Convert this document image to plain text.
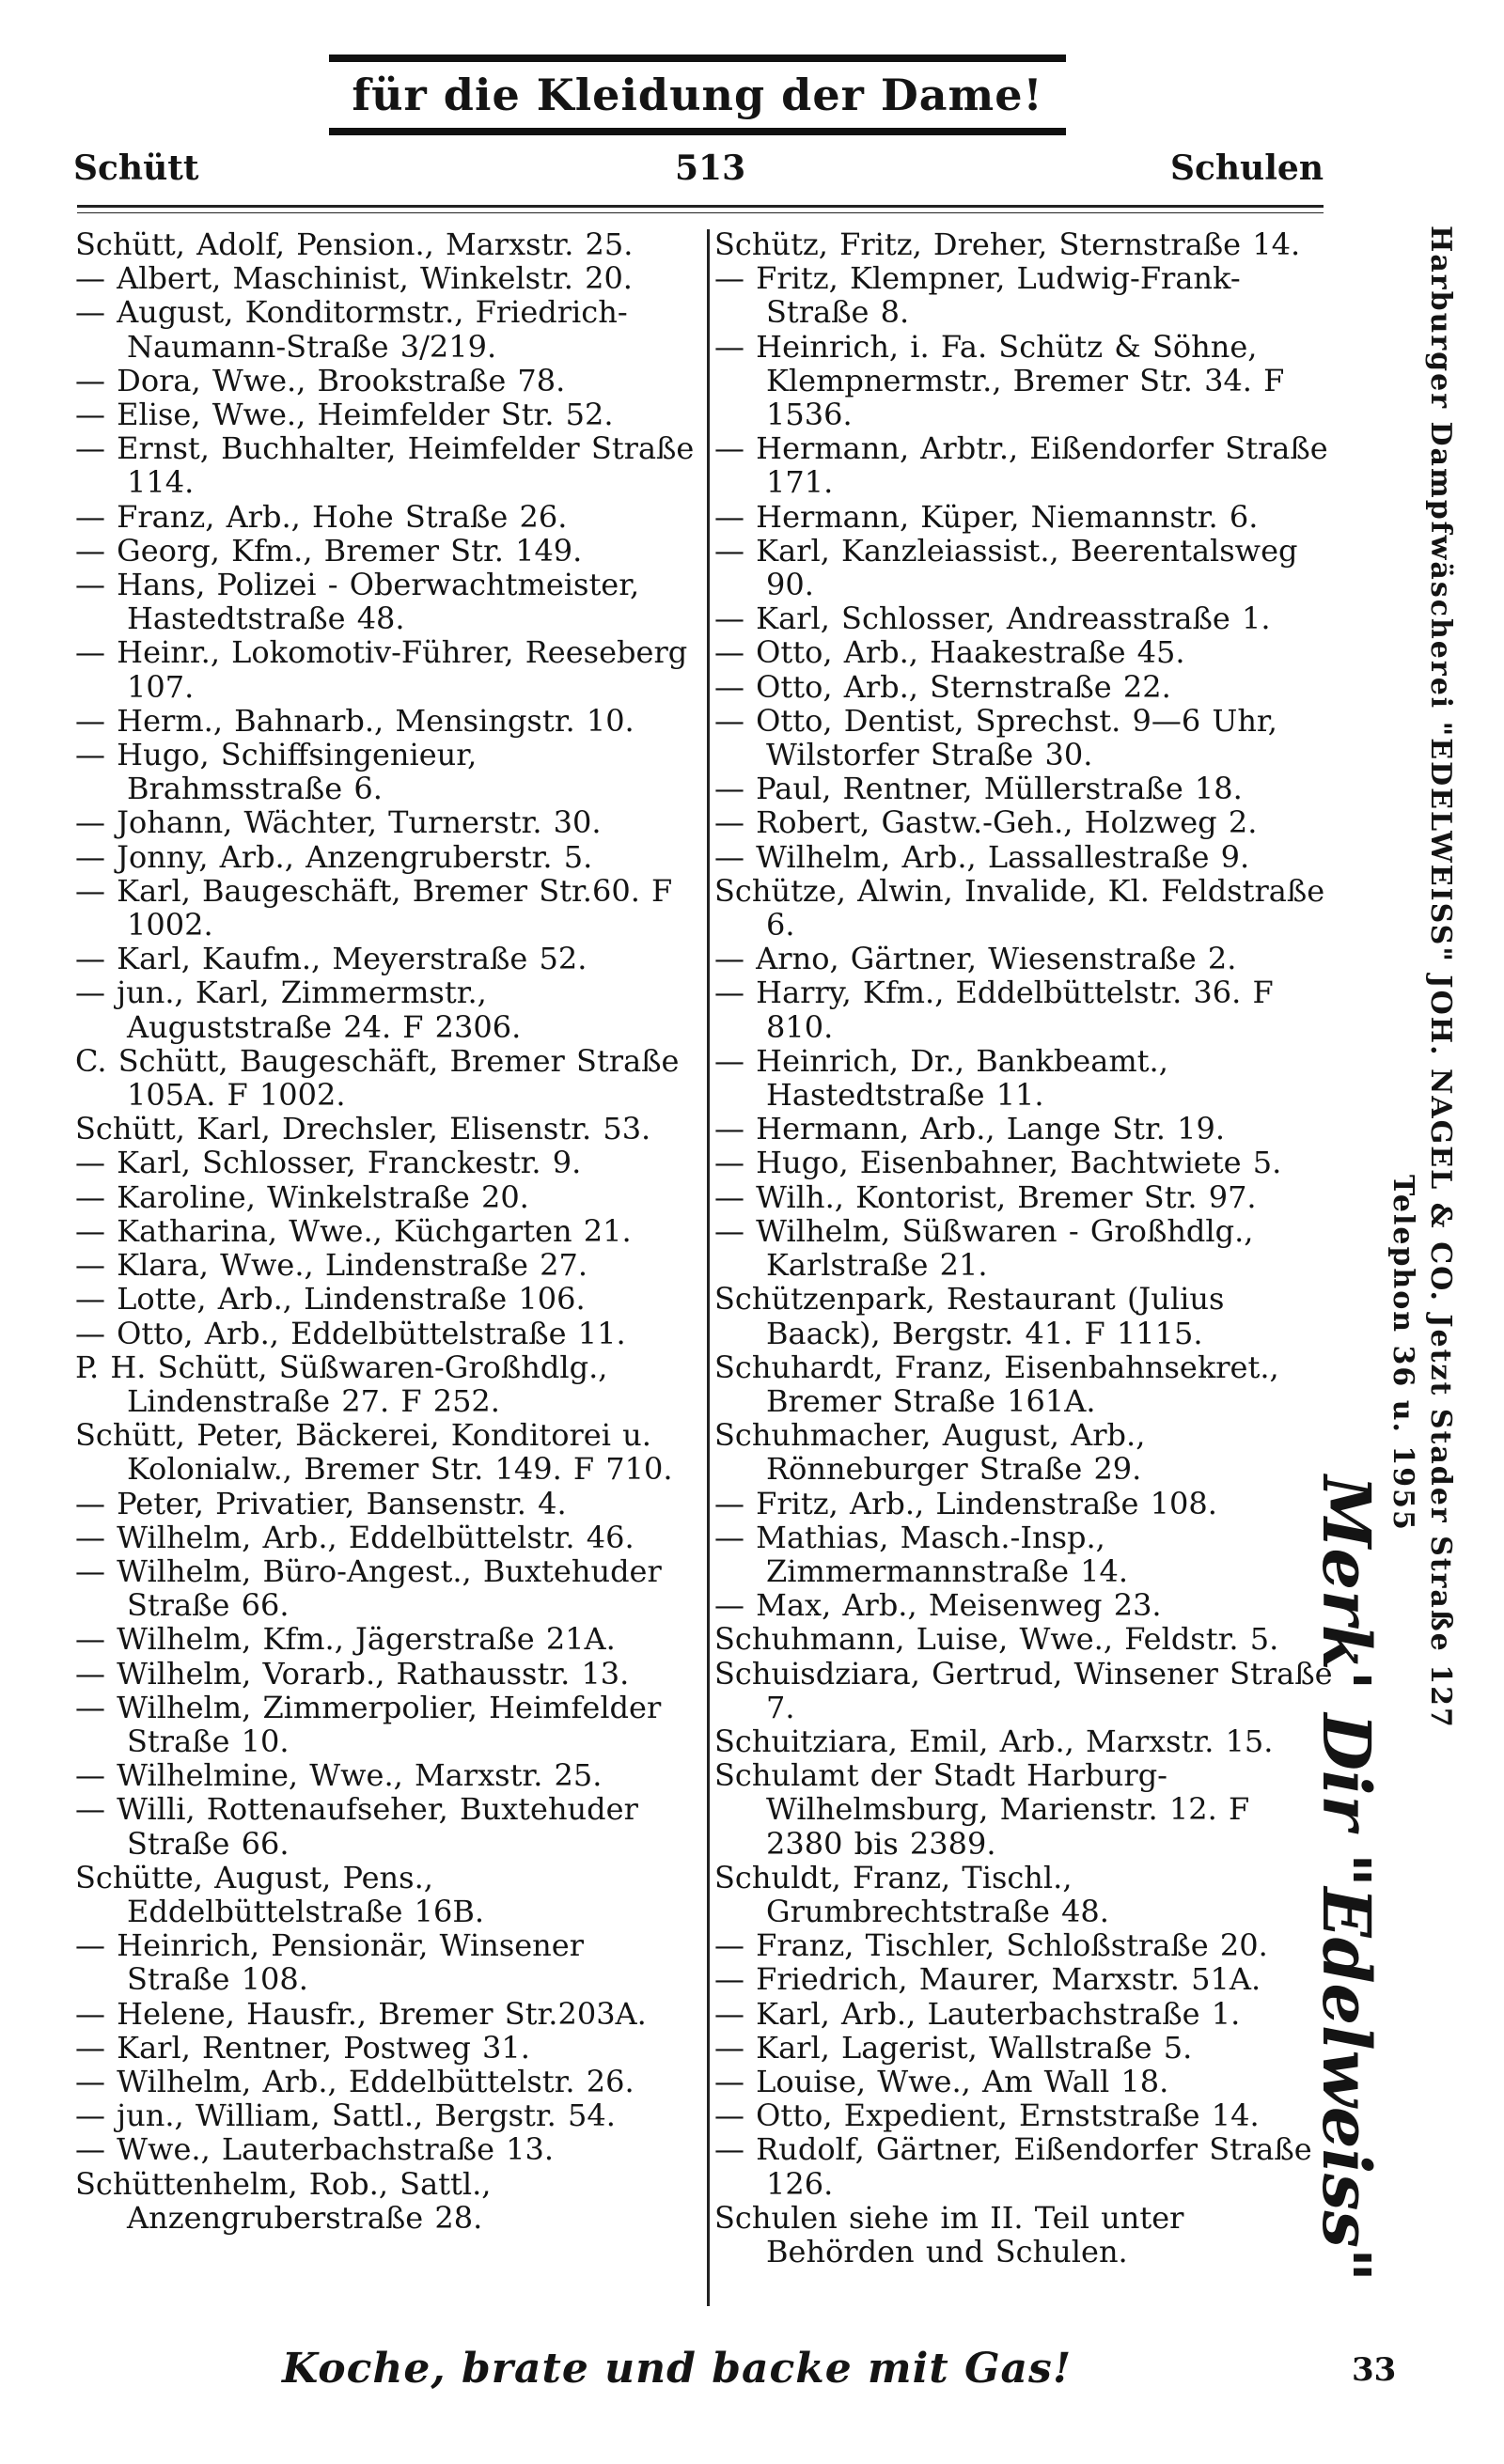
für die Kleidung der Dame!
Schütt	513	Schulen

Schütt, Adolf, Pension., Marxstr. 25.

— Albert, Maschinist, Winkelstr. 20.

— August, Konditormstr., Friedrich-Naumann-Straße 3/219.

— Dora, Wwe., Brookstraße 78.

— Elise, Wwe., Heimfelder Str. 52.

— Ernst, Buchhalter, Heimfelder Straße 114.

— Franz, Arb., Hohe Straße 26.

— Georg, Kfm., Bremer Str. 149.

— Hans, Polizei - Oberwachtmeister, Hastedtstraße 48.

— Heinr., Lokomotiv-Führer, Reeseberg 107.

— Herm., Bahnarb., Mensingstr. 10.

— Hugo, Schiffsingenieur, Brahmsstraße 6.

— Johann, Wächter, Turnerstr. 30.

— Jonny, Arb., Anzengruberstr. 5.

— Karl, Baugeschäft, Bremer Str.60. F 1002.

— Karl, Kaufm., Meyerstraße 52.

— jun., Karl, Zimmermstr., Auguststraße 24. F 2306.

C. Schütt, Baugeschäft, Bremer Straße 105A. F 1002.

Schütt, Karl, Drechsler, Elisenstr. 53.

— Karl, Schlosser, Franckestr. 9.

— Karoline, Winkelstraße 20.

— Katharina, Wwe., Küchgarten 21.

— Klara, Wwe., Lindenstraße 27.

— Lotte, Arb., Lindenstraße 106.

— Otto, Arb., Eddelbüttelstraße 11.

P. H. Schütt, Süßwaren-Großhdlg., Lindenstraße 27. F 252.

Schütt, Peter, Bäckerei, Konditorei u. Kolonialw., Bremer Str. 149. F 710.

— Peter, Privatier, Bansenstr. 4.

— Wilhelm, Arb., Eddelbüttelstr. 46.

— Wilhelm, Büro-Angest., Buxtehuder Straße 66.

— Wilhelm, Kfm., Jägerstraße 21A.

— Wilhelm, Vorarb., Rathausstr. 13.

— Wilhelm, Zimmerpolier, Heimfelder Straße 10.

— Wilhelmine, Wwe., Marxstr. 25.

— Willi, Rottenaufseher, Buxtehuder Straße 66.

Schütte, August, Pens., Eddelbüttelstraße 16B.

— Heinrich, Pensionär, Winsener Straße 108.

— Helene, Hausfr., Bremer Str.203A.

— Karl, Rentner, Postweg 31.

— Wilhelm, Arb., Eddelbüttelstr. 26.

— jun., William, Sattl., Bergstr. 54.

— Wwe., Lauterbachstraße 13.

Schüttenhelm, Rob., Sattl., Anzengruberstraße 28.

Schütz, Fritz, Dreher, Sternstraße 14.

— Fritz, Klempner, Ludwig-Frank-Straße 8.

— Heinrich, i. Fa. Schütz & Söhne, Klempnermstr., Bremer Str. 34. F 1536.

— Hermann, Arbtr., Eißendorfer Straße 171.

— Hermann, Küper, Niemannstr. 6.

— Karl, Kanzleiassist., Beerentalsweg 90.

— Karl, Schlosser, Andreasstraße 1.

— Otto, Arb., Haakestraße 45.

— Otto, Arb., Sternstraße 22.

— Otto, Dentist, Sprechst. 9—6 Uhr, Wilstorfer Straße 30.

— Paul, Rentner, Müllerstraße 18.

— Robert, Gastw.-Geh., Holzweg 2.

— Wilhelm, Arb., Lassallestraße 9.

Schütze, Alwin, Invalide, Kl. Feldstraße 6.

— Arno, Gärtner, Wiesenstraße 2.

— Harry, Kfm., Eddelbüttelstr. 36. F 810.

— Heinrich, Dr., Bankbeamt., Hastedtstraße 11.

— Hermann, Arb., Lange Str. 19.

— Hugo, Eisenbahner, Bachtwiete 5.

— Wilh., Kontorist, Bremer Str. 97.

— Wilhelm, Süßwaren - Großhdlg., Karlstraße 21.

Schützenpark, Restaurant (Julius Baack), Bergstr. 41. F 1115.

Schuhardt, Franz, Eisenbahnsekret., Bremer Straße 161A.

Schuhmacher, August, Arb., Rönneburger Straße 29.

— Fritz, Arb., Lindenstraße 108.

— Mathias, Masch.-Insp., Zimmermannstraße 14.

— Max, Arb., Meisenweg 23.

Schuhmann, Luise, Wwe., Feldstr. 5.

Schuisdziara, Gertrud, Winsener Straße 7.

Schuitziara, Emil, Arb., Marxstr. 15.

Schulamt der Stadt Harburg-Wilhelmsburg, Marienstr. 12. F 2380 bis 2389.

Schuldt, Franz, Tischl., Grumbrechtstraße 48.

— Franz, Tischler, Schloßstraße 20.

— Friedrich, Maurer, Marxstr. 51A.

— Karl, Arb., Lauterbachstraße 1.

— Karl, Lagerist, Wallstraße 5.

— Louise, Wwe., Am Wall 18.

— Otto, Expedient, Ernststraße 14.

— Rudolf, Gärtner, Eißendorfer Straße 126.

Schulen siehe im II. Teil unter Behörden und Schulen.

Harburger Dampfwäscherei "EDELWEISS" JOH. NAGEL & CO. Jetzt Stader Straße 127
Telephon 36 u. 1955
Merk' Dir "Edelweiss"
Koche, brate und backe mit Gas!	33
